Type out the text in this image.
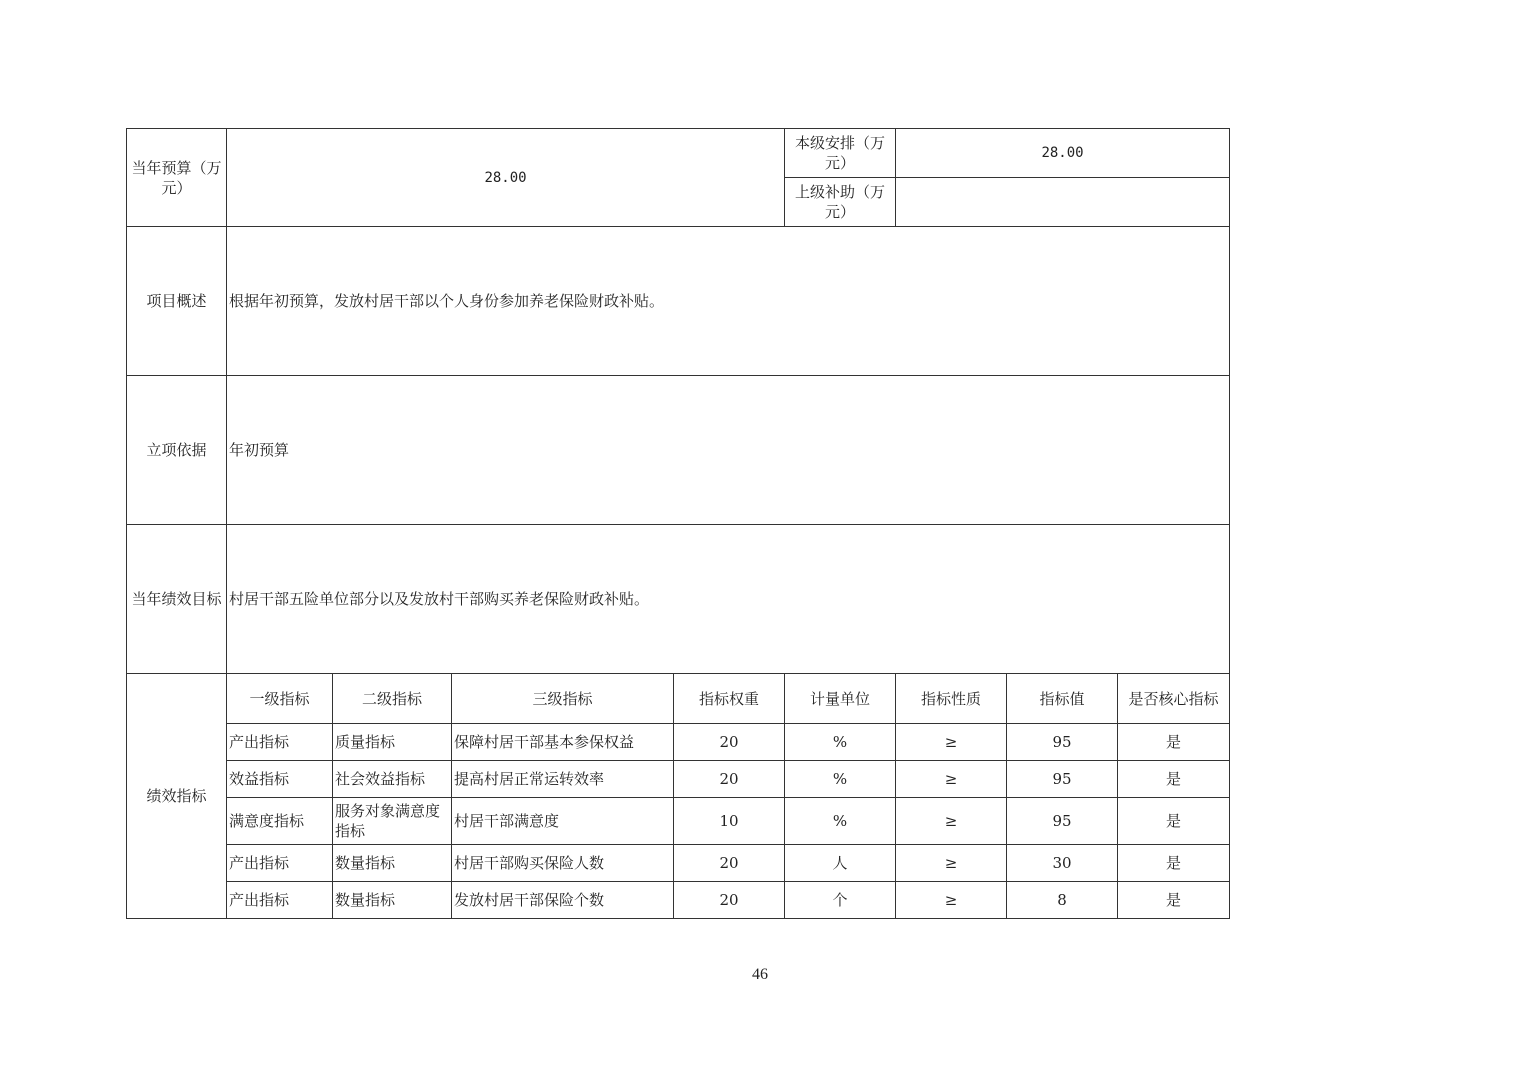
当年预算（万元）	28.00				本级安排（万元）	28.00		
					上级补助（万元）			
项目概述	根据年初预算，发放村居干部以个人身份参加养老保险财政补贴。							
立项依据	年初预算							
当年绩效目标	村居干部五险单位部分以及发放村干部购买养老保险财政补贴。							
绩效指标	一级指标	二级指标	三级指标	指标权重	计量单位	指标性质	指标值	是否核心指标
	产出指标	质量指标	保障村居干部基本参保权益	20	%	≥	95	是
	效益指标	社会效益指标	提高村居正常运转效率	20	%	≥	95	是
	满意度指标	服务对象满意度指标	村居干部满意度	10	%	≥	95	是
	产出指标	数量指标	村居干部购买保险人数	20	人	≥	30	是
	产出指标	数量指标	发放村居干部保险个数	20	个	≥	8	是
46
